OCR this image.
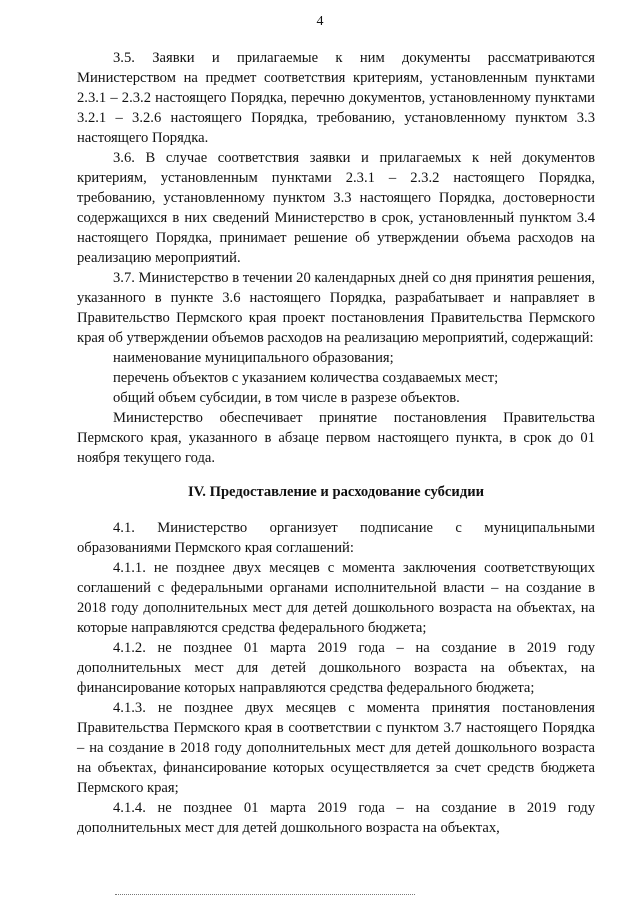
4

3.5. Заявки и прилагаемые к ним документы рассматриваются Министерством на предмет соответствия критериям, установленным пунктами 2.3.1 – 2.3.2 настоящего Порядка, перечню документов, установленному пунктами 3.2.1 – 3.2.6 настоящего Порядка, требованию, установленному пунктом 3.3 настоящего Порядка.

3.6. В случае соответствия заявки и прилагаемых к ней документов критериям, установленным пунктами 2.3.1 – 2.3.2 настоящего Порядка, требованию, установленному пунктом 3.3 настоящего Порядка, достоверности содержащихся в них сведений Министерство в срок, установленный пунктом 3.4 настоящего Порядка, принимает решение об утверждении объема расходов на реализацию мероприятий.

3.7. Министерство в течении 20 календарных дней со дня принятия решения, указанного в пункте 3.6 настоящего Порядка, разрабатывает и направляет в Правительство Пермского края проект постановления Правительства Пермского края об утверждении объемов расходов на реализацию мероприятий, содержащий:

наименование муниципального образования;

перечень объектов с указанием количества создаваемых мест;

общий объем субсидии, в том числе в разрезе объектов.

Министерство обеспечивает принятие постановления Правительства Пермского края, указанного в абзаце первом настоящего пункта, в срок до 01 ноября текущего года.

IV. Предоставление и расходование субсидии

4.1. Министерство организует подписание с муниципальными образованиями Пермского края соглашений:

4.1.1. не позднее двух месяцев с момента заключения соответствующих соглашений с федеральными органами исполнительной власти – на создание в 2018 году дополнительных мест для детей дошкольного возраста на объектах, на которые направляются средства федерального бюджета;

4.1.2. не позднее 01 марта 2019 года – на создание в 2019 году дополнительных мест для детей дошкольного возраста на объектах, на финансирование которых направляются средства федерального бюджета;

4.1.3. не позднее двух месяцев с момента принятия постановления Правительства Пермского края в соответствии с пунктом 3.7 настоящего Порядка – на создание в 2018 году дополнительных мест для детей дошкольного возраста на объектах, финансирование которых осуществляется за счет средств бюджета Пермского края;

4.1.4. не позднее 01 марта 2019 года – на создание в 2019 году дополнительных мест для детей дошкольного возраста на объектах,
